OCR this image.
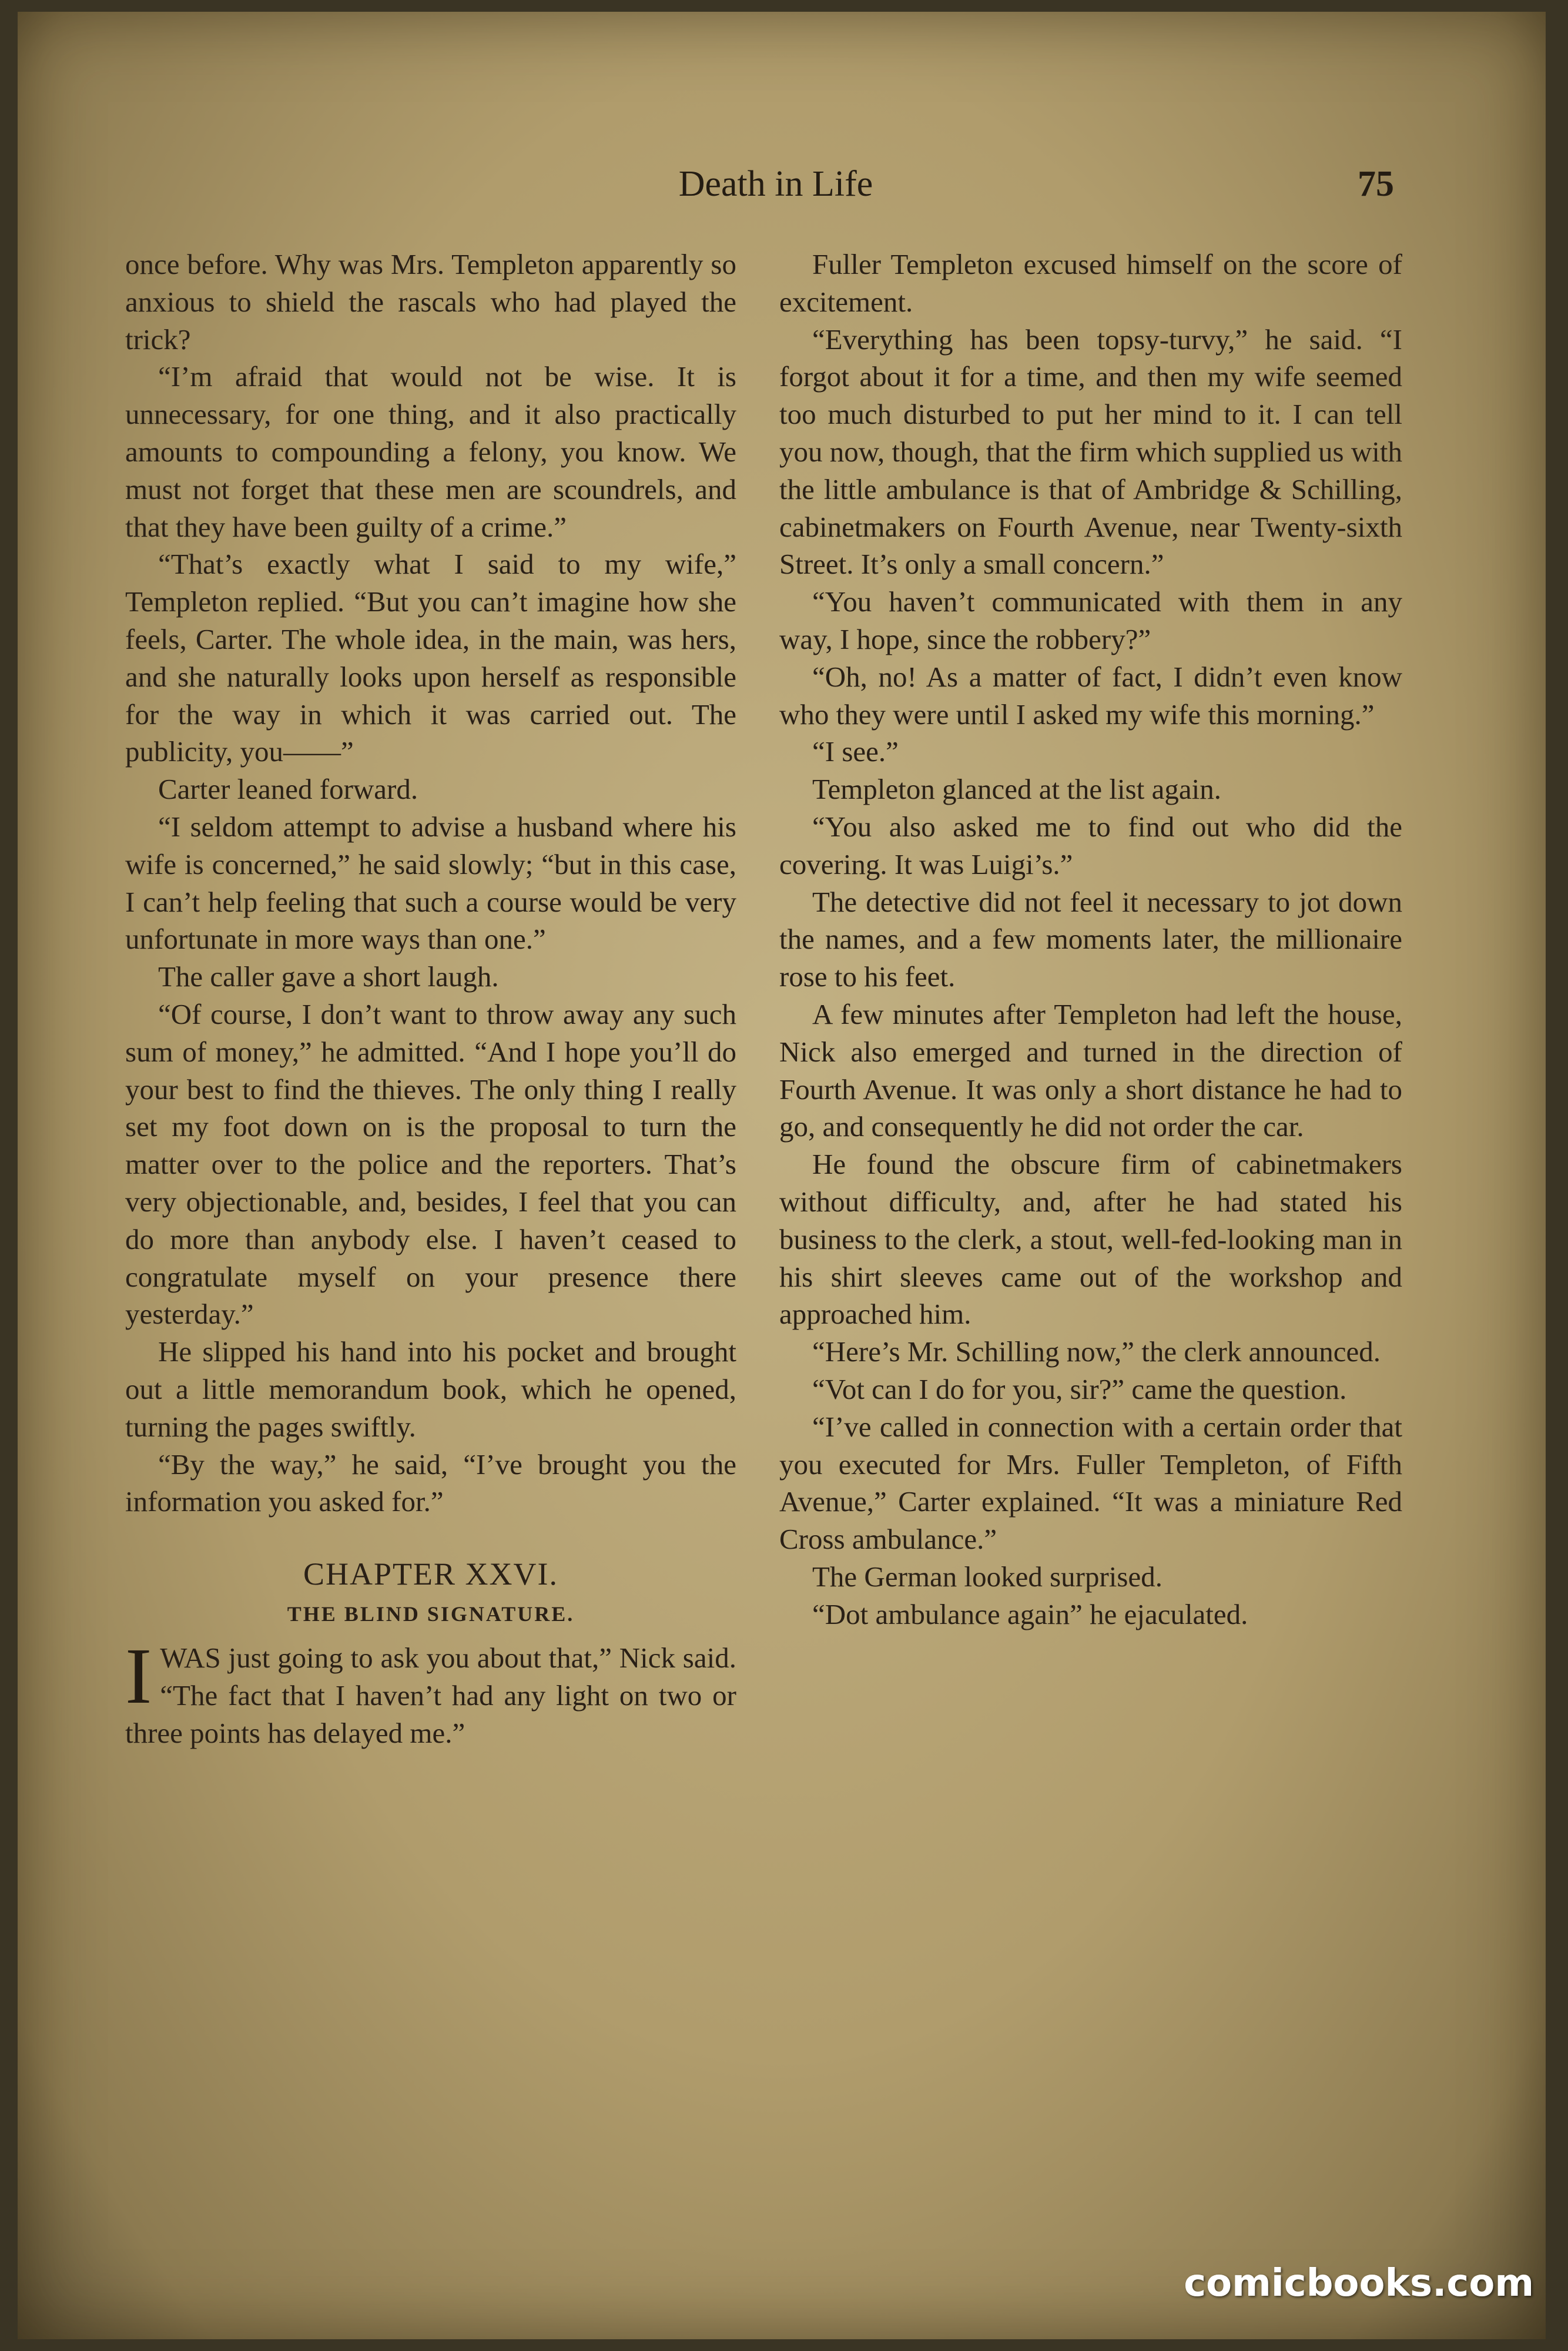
Death in Life	75

once before. Why was Mrs. Templeton apparently so anxious to shield the rascals who had played the trick?

“I’m afraid that would not be wise. It is unnecessary, for one thing, and it also practically amounts to compounding a felony, you know. We must not forget that these men are scoundrels, and that they have been guilty of a crime.”

“That’s exactly what I said to my wife,” Templeton replied. “But you can’t imagine how she feels, Carter. The whole idea, in the main, was hers, and she naturally looks upon herself as responsible for the way in which it was carried out. The publicity, you——”

Carter leaned forward.

“I seldom attempt to advise a husband where his wife is concerned,” he said slowly; “but in this case, I can’t help feeling that such a course would be very unfortunate in more ways than one.”

The caller gave a short laugh.

“Of course, I don’t want to throw away any such sum of money,” he admitted. “And I hope you’ll do your best to find the thieves. The only thing I really set my foot down on is the proposal to turn the matter over to the police and the reporters. That’s very objectionable, and, besides, I feel that you can do more than anybody else. I haven’t ceased to congratulate myself on your presence there yesterday.”

He slipped his hand into his pocket and brought out a little memorandum book, which he opened, turning the pages swiftly.

“By the way,” he said, “I’ve brought you the information you asked for.”

CHAPTER XXVI.
THE BLIND SIGNATURE.

I WAS just going to ask you about that,” Nick said. “The fact that I haven’t had any light on two or three points has delayed me.”

Fuller Templeton excused himself on the score of excitement.

“Everything has been topsy-turvy,” he said. “I forgot about it for a time, and then my wife seemed too much disturbed to put her mind to it. I can tell you now, though, that the firm which supplied us with the little ambulance is that of Ambridge & Schilling, cabinetmakers on Fourth Avenue, near Twenty-sixth Street. It’s only a small concern.”

“You haven’t communicated with them in any way, I hope, since the robbery?”

“Oh, no! As a matter of fact, I didn’t even know who they were until I asked my wife this morning.”

“I see.”

Templeton glanced at the list again.

“You also asked me to find out who did the covering. It was Luigi’s.”

The detective did not feel it necessary to jot down the names, and a few moments later, the millionaire rose to his feet.

A few minutes after Templeton had left the house, Nick also emerged and turned in the direction of Fourth Avenue. It was only a short distance he had to go, and consequently he did not order the car.

He found the obscure firm of cabinetmakers without difficulty, and, after he had stated his business to the clerk, a stout, well-fed-looking man in his shirt sleeves came out of the workshop and approached him.

“Here’s Mr. Schilling now,” the clerk announced.

“Vot can I do for you, sir?” came the question.

“I’ve called in connection with a certain order that you executed for Mrs. Fuller Templeton, of Fifth Avenue,” Carter explained. “It was a miniature Red Cross ambulance.”

The German looked surprised.

“Dot ambulance again” he ejaculated.

comicbooks.com
